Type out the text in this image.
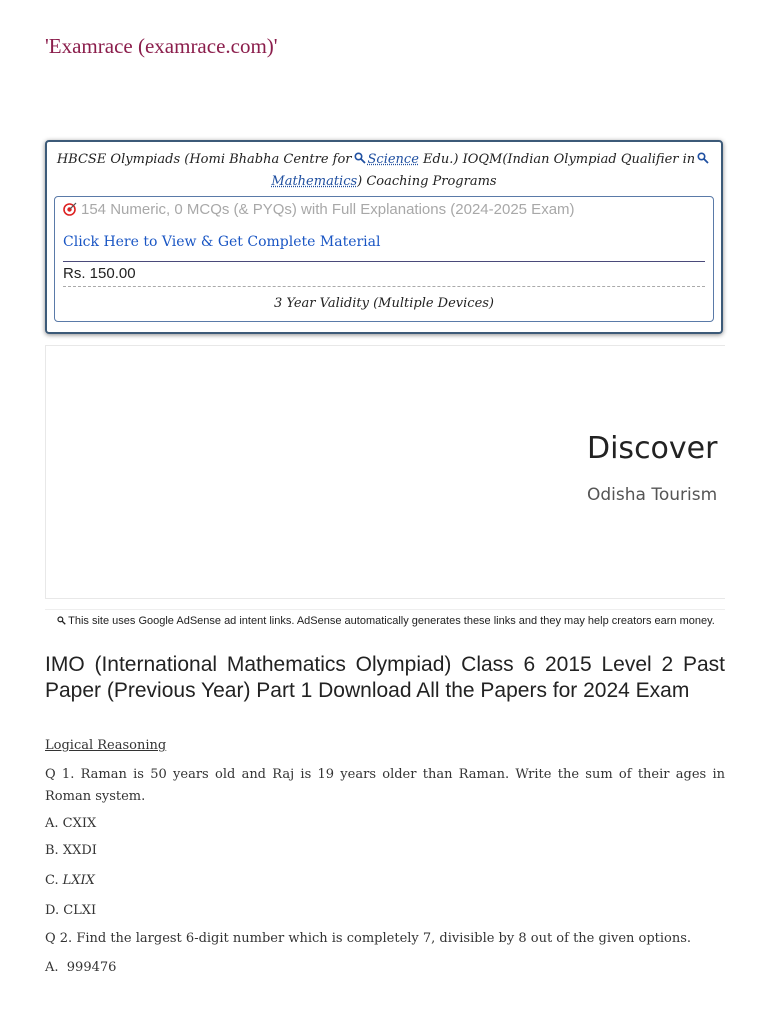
'Examrace (examrace.com)'
HBCSE Olympiads (Homi Bhabha Centre for Science Edu.) IOQM(Indian Olympiad Qualifier in
Mathematics) Coaching Programs
154 Numeric, 0 MCQs (& PYQs) with Full Explanations (2024-2025 Exam)
Click Here to View & Get Complete Material
Rs. 150.00
3 Year Validity (Multiple Devices)
Discover
Odisha Tourism
This site uses Google AdSense ad intent links. AdSense automatically generates these links and they may help creators earn money.
IMO (International Mathematics Olympiad) Class 6 2015 Level 2 Past Paper (Previous Year) Part 1 Download All the Papers for 2024 Exam
Logical Reasoning
Q 1. Raman is 50 years old and Raj is 19 years older than Raman. Write the sum of their ages in Roman system.
A. CXIX
B. XXDI
C. LXIX
D. CLXI
Q 2. Find the largest 6-digit number which is completely 7, divisible by 8 out of the given options.
A.  999476
